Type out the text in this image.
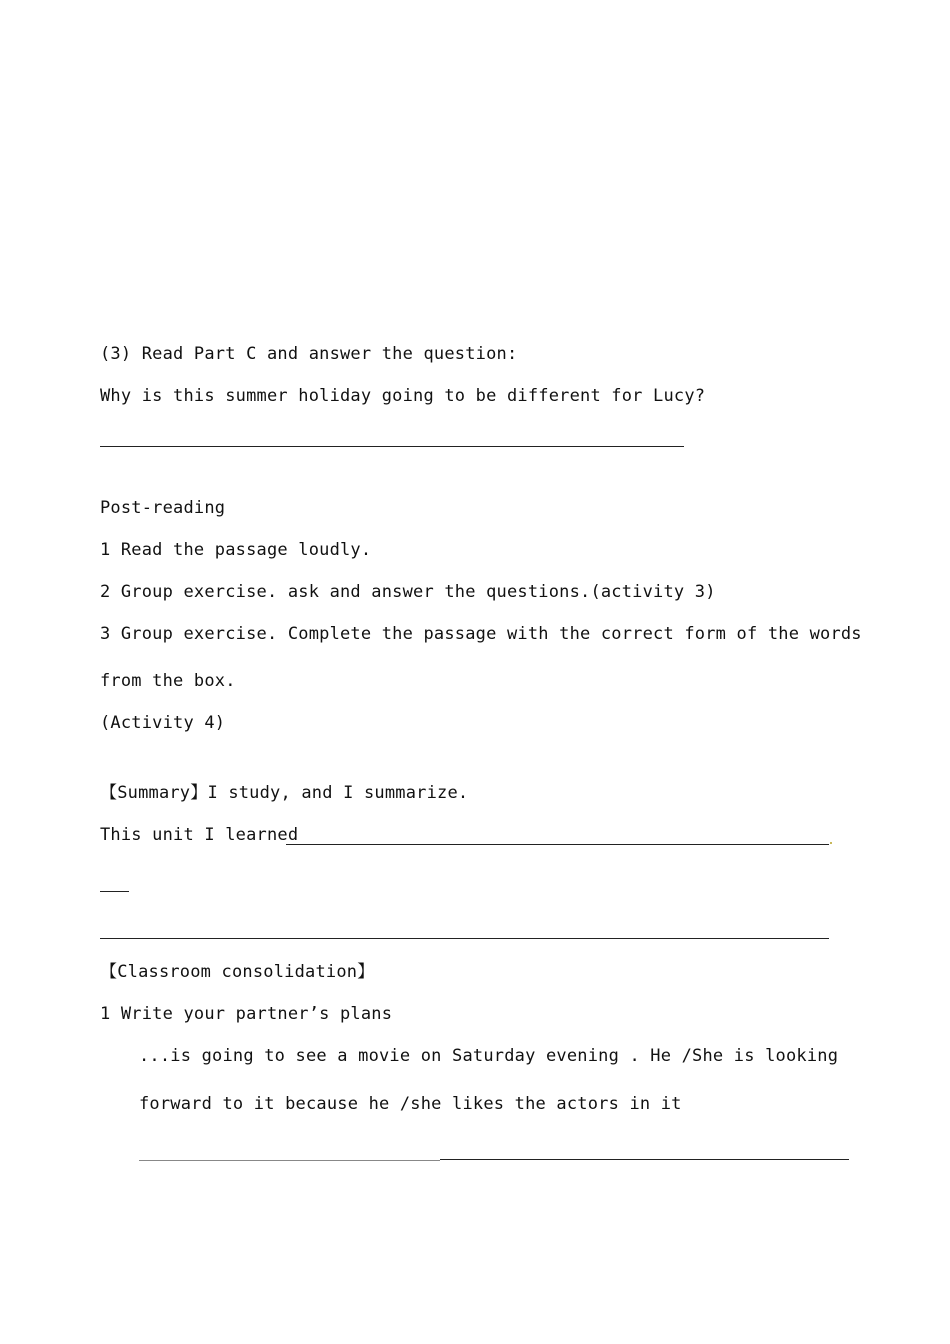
(3) Read Part C and answer the question:
Why is this summer holiday going to be different for Lucy?
Post-reading
1 Read the passage loudly.
2 Group exercise. ask and answer the questions.(activity 3)
3 Group exercise. Complete the passage with the correct form of the words
from the box.
(Activity 4)
【Summary】I study, and I summarize.
This unit I learned
【Classroom consolidation】
1 Write your partner’s plans
...is going to see a movie on Saturday evening . He /She is looking
forward to it because he /she likes the actors in it
